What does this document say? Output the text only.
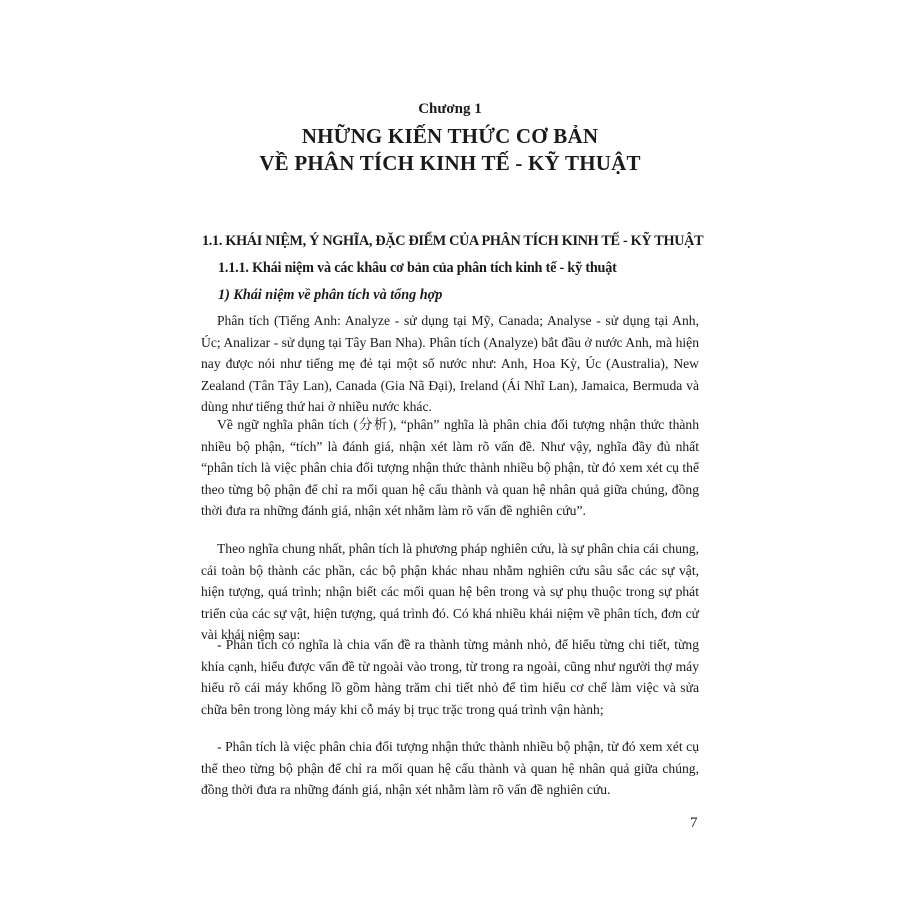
Chương 1
NHỮNG KIẾN THỨC CƠ BẢN
VỀ PHÂN TÍCH KINH TẾ - KỸ THUẬT
1.1. KHÁI NIỆM, Ý NGHĨA, ĐẶC ĐIỂM CỦA PHÂN TÍCH KINH TẾ - KỸ THUẬT
1.1.1. Khái niệm và các khâu cơ bản của phân tích kinh tế - kỹ thuật
1) Khái niệm về phân tích và tổng hợp

Phân tích (Tiếng Anh: Analyze - sử dụng tại Mỹ, Canada; Analyse - sử dụng tại Anh, Úc; Analizar - sử dụng tại Tây Ban Nha). Phân tích (Analyze) bắt đầu ở nước Anh, mà hiện nay được nói như tiếng mẹ đẻ tại một số nước như: Anh, Hoa Kỳ, Úc (Australia), New Zealand (Tân Tây Lan), Canada (Gia Nã Đại), Ireland (Ái Nhĩ Lan), Jamaica, Bermuda và dùng như tiếng thứ hai ở nhiều nước khác.

Về ngữ nghĩa phân tích (分析), “phân” nghĩa là phân chia đối tượng nhận thức thành nhiều bộ phận, “tích” là đánh giá, nhận xét làm rõ vấn đề. Như vậy, nghĩa đầy đủ nhất “phân tích là việc phân chia đối tượng nhận thức thành nhiều bộ phận, từ đó xem xét cụ thể theo từng bộ phận để chỉ ra mối quan hệ cấu thành và quan hệ nhân quả giữa chúng, đồng thời đưa ra những đánh giá, nhận xét nhằm làm rõ vấn đề nghiên cứu”.

Theo nghĩa chung nhất, phân tích là phương pháp nghiên cứu, là sự phân chia cái chung, cái toàn bộ thành các phần, các bộ phận khác nhau nhằm nghiên cứu sâu sắc các sự vật, hiện tượng, quá trình; nhận biết các mối quan hệ bên trong và sự phụ thuộc trong sự phát triển của các sự vật, hiện tượng, quá trình đó. Có khá nhiều khái niệm về phân tích, đơn cử vài khái niệm sau:

- Phân tích có nghĩa là chia vấn đề ra thành từng mảnh nhỏ, để hiểu từng chi tiết, từng khía cạnh, hiểu được vấn đề từ ngoài vào trong, từ trong ra ngoài, cũng như người thợ máy hiểu rõ cái máy khổng lồ gồm hàng trăm chi tiết nhỏ để tìm hiểu cơ chế làm việc và sửa chữa bên trong lòng máy khi cỗ máy bị trục trặc trong quá trình vận hành;

- Phân tích là việc phân chia đối tượng nhận thức thành nhiều bộ phận, từ đó xem xét cụ thể theo từng bộ phận để chỉ ra mối quan hệ cấu thành và quan hệ nhân quả giữa chúng, đồng thời đưa ra những đánh giá, nhận xét nhằm làm rõ vấn đề nghiên cứu.

7
